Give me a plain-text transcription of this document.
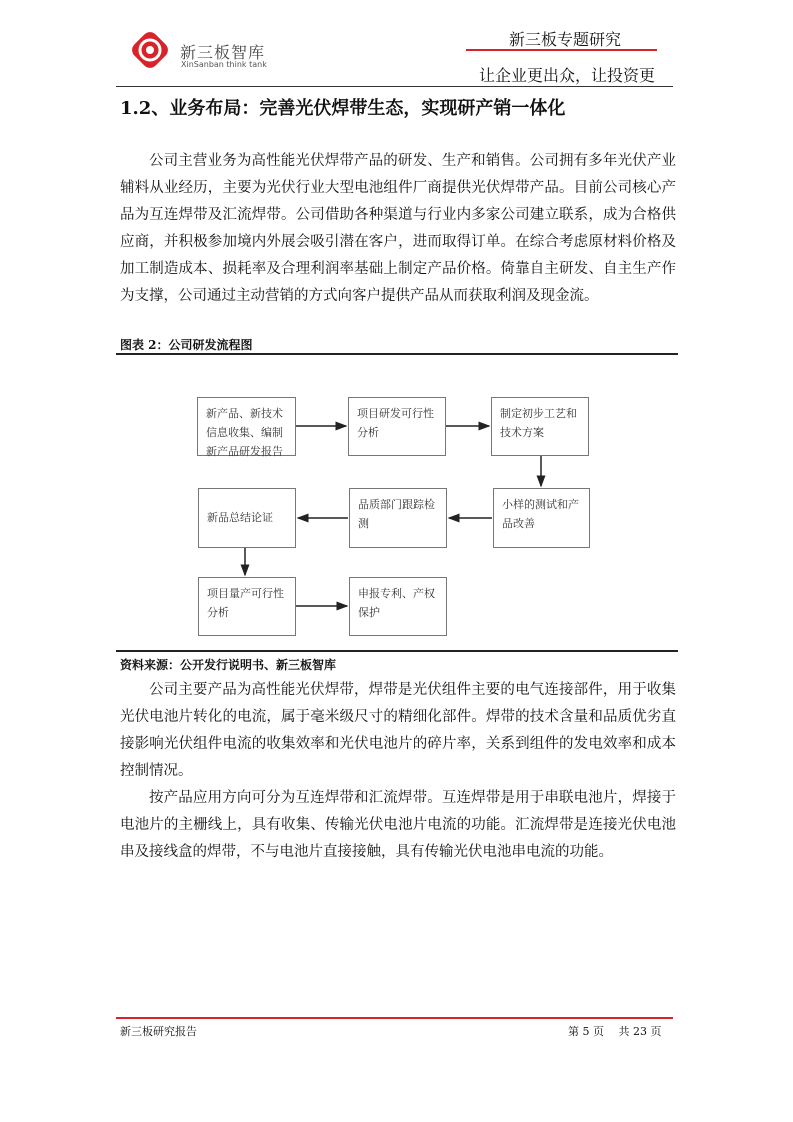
新三板智库
XinSanban think tank
新三板专题研究
让企业更出众，让投资更
1.2、业务布局：完善光伏焊带生态，实现研产销一体化
公司主营业务为高性能光伏焊带产品的研发、生产和销售。公司拥有多年光伏产业辅料从业经历，主要为光伏行业大型电池组件厂商提供光伏焊带产品。目前公司核心产品为互连焊带及汇流焊带。公司借助各种渠道与行业内多家公司建立联系，成为合格供应商，并积极参加境内外展会吸引潜在客户，进而取得订单。在综合考虑原材料价格及加工制造成本、损耗率及合理利润率基础上制定产品价格。倚靠自主研发、自主生产作为支撑，公司通过主动营销的方式向客户提供产品从而获取利润及现金流。
图表 2：公司研发流程图
新产品、新技术信息收集、编制新产品研发报告
项目研发可行性分析
制定初步工艺和技术方案
新品总结论证
品质部门跟踪检测
小样的测试和产品改善
项目量产可行性分析
申报专利、产权保护
资料来源：公开发行说明书、新三板智库
公司主要产品为高性能光伏焊带，焊带是光伏组件主要的电气连接部件，用于收集光伏电池片转化的电流，属于毫米级尺寸的精细化部件。焊带的技术含量和品质优劣直接影响光伏组件电流的收集效率和光伏电池片的碎片率，关系到组件的发电效率和成本控制情况。
按产品应用方向可分为互连焊带和汇流焊带。互连焊带是用于串联电池片，焊接于电池片的主栅线上，具有收集、传输光伏电池片电流的功能。汇流焊带是连接光伏电池串及接线盒的焊带，不与电池片直接接触，具有传输光伏电池串电流的功能。
新三板研究报告	第 5 页　 共 23 页
